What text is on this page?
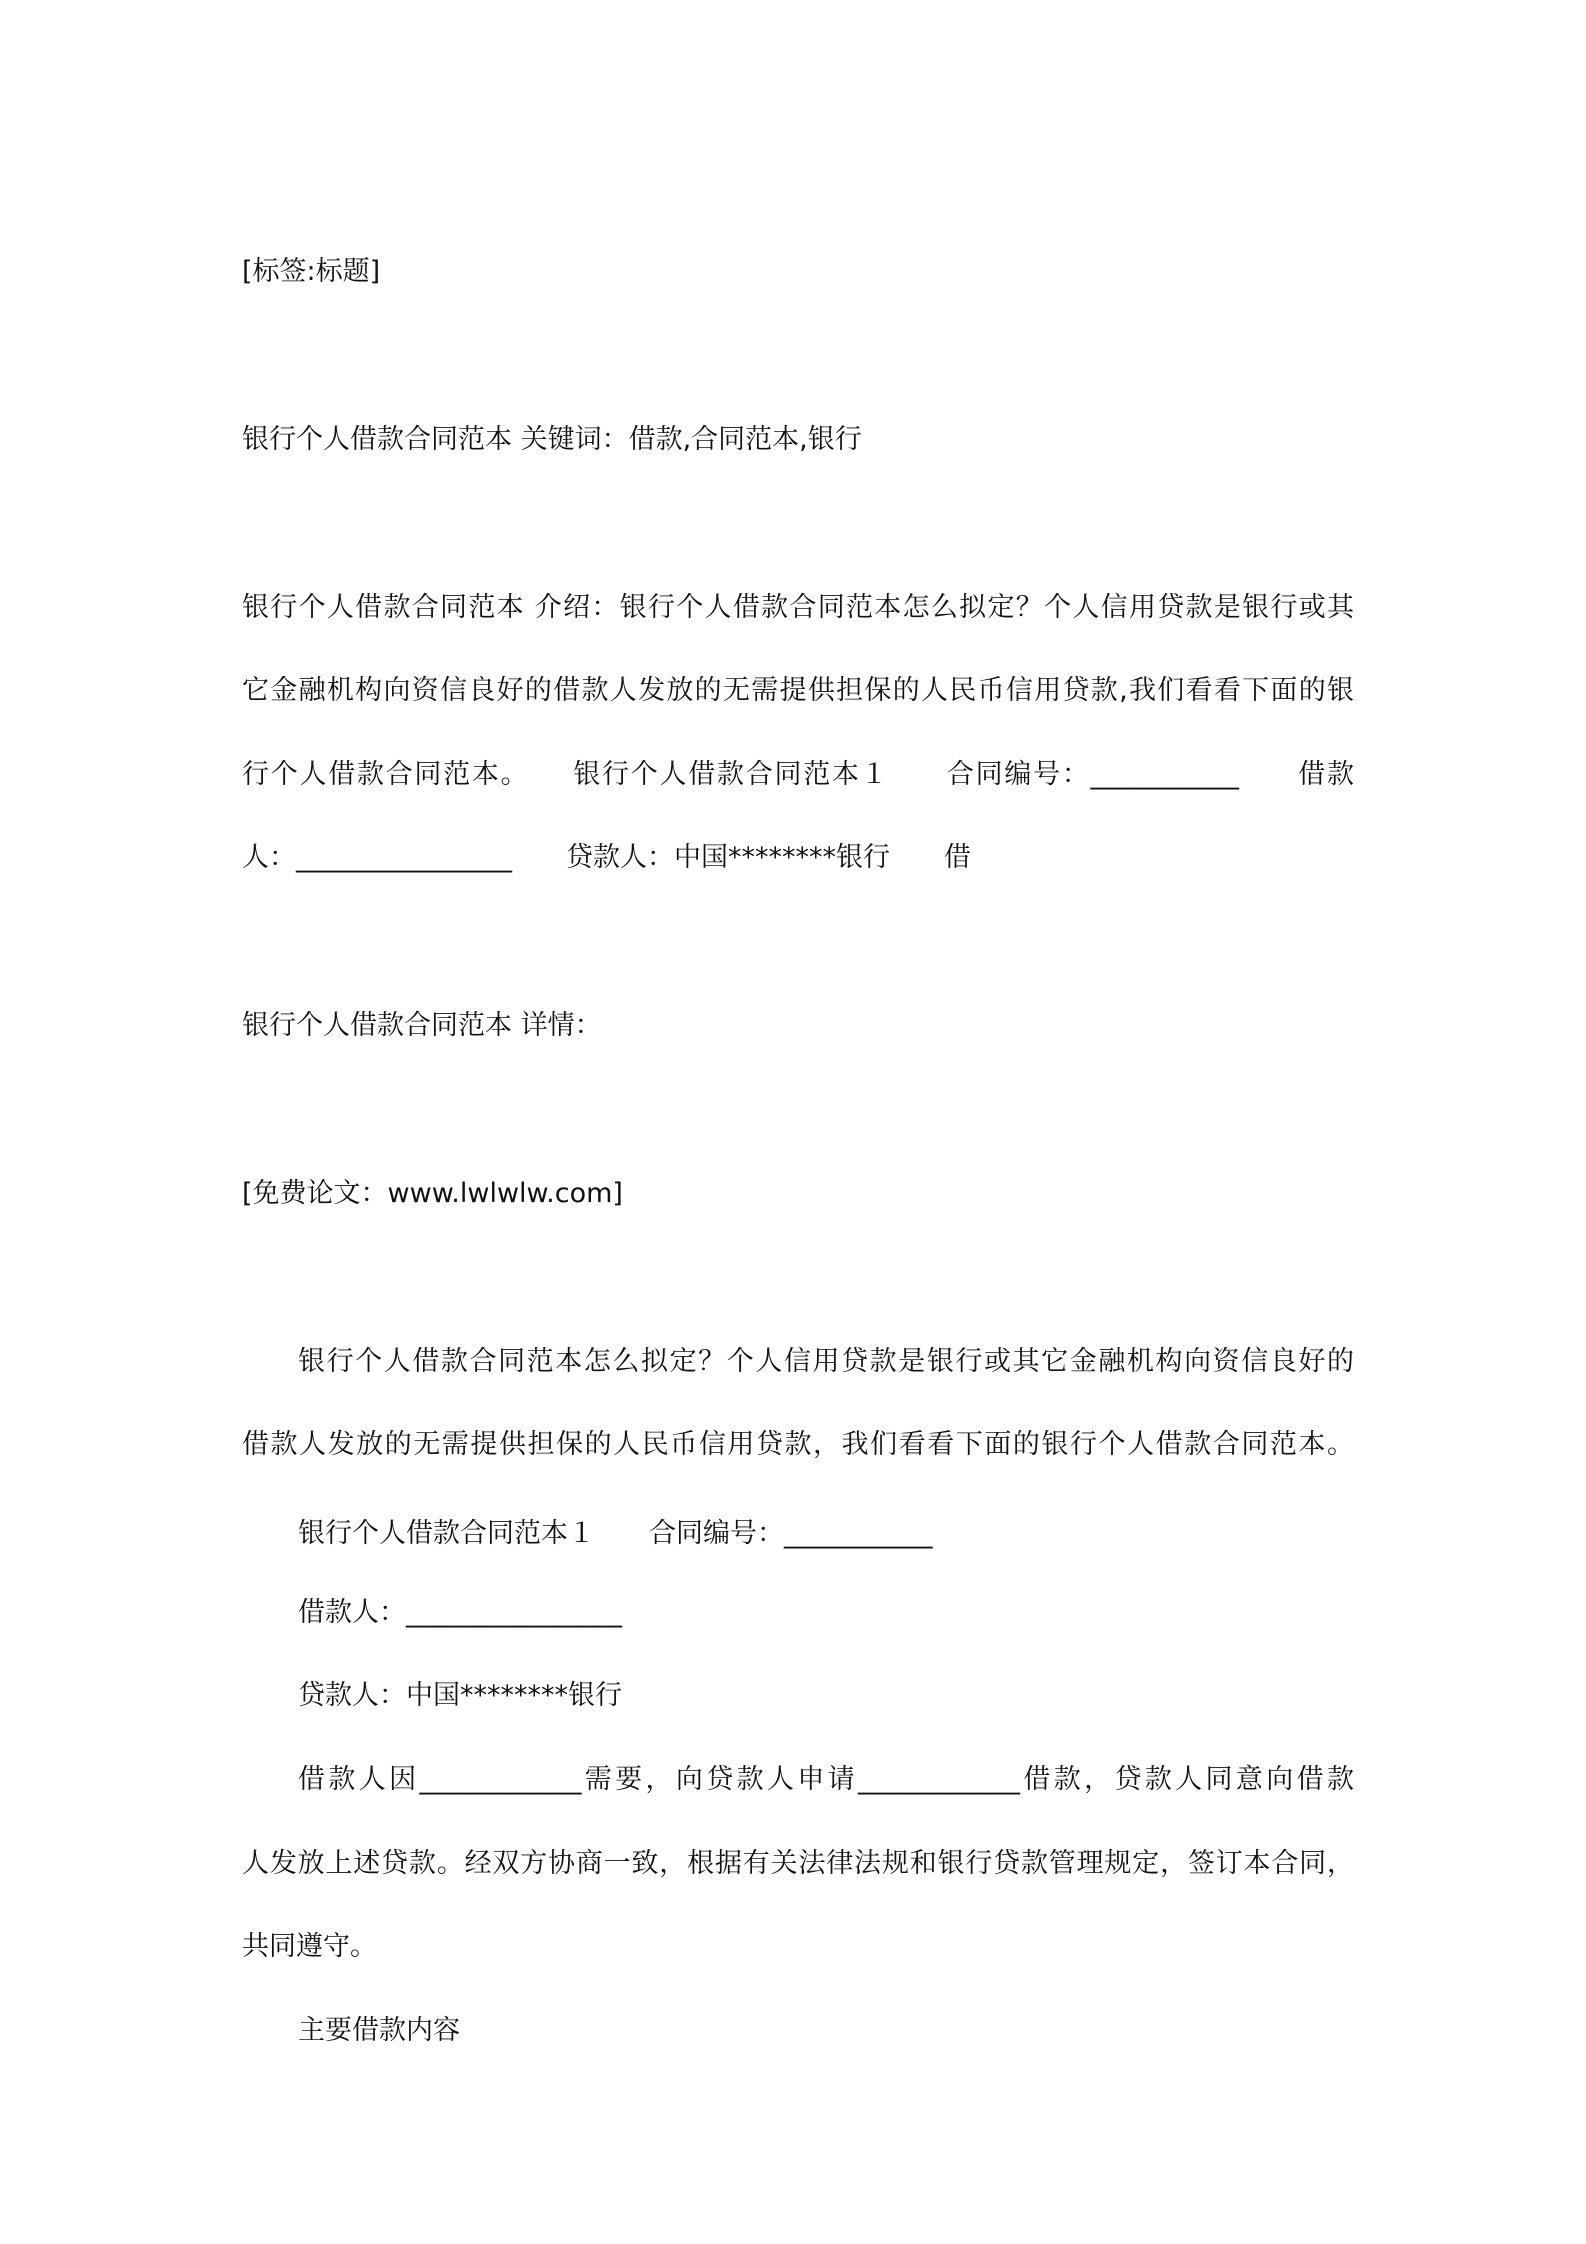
[标签:标题]
银行个人借款合同范本 关键词：借款,合同范本,银行
银行个人借款合同范本 介绍：银行个人借款合同范本怎么拟定？个人信用贷款是银行或其
它金融机构向资信良好的借款人发放的无需提供担保的人民币信用贷款,我们看看下面的银
行个人借款合同范本。　　银行个人借款合同范本１　　合同编号：___________　　借款
人：________________　　贷款人：中国********银行　　借
银行个人借款合同范本 详情：
[免费论文：www.lwlwlw.com]
银行个人借款合同范本怎么拟定？个人信用贷款是银行或其它金融机构向资信良好的
借款人发放的无需提供担保的人民币信用贷款，我们看看下面的银行个人借款合同范本。
银行个人借款合同范本１　　合同编号：___________
借款人：________________
贷款人：中国********银行
借款人因____________需要，向贷款人申请____________借款，贷款人同意向借款
人发放上述贷款。经双方协商一致，根据有关法律法规和银行贷款管理规定，签订本合同，
共同遵守。
主要借款内容
